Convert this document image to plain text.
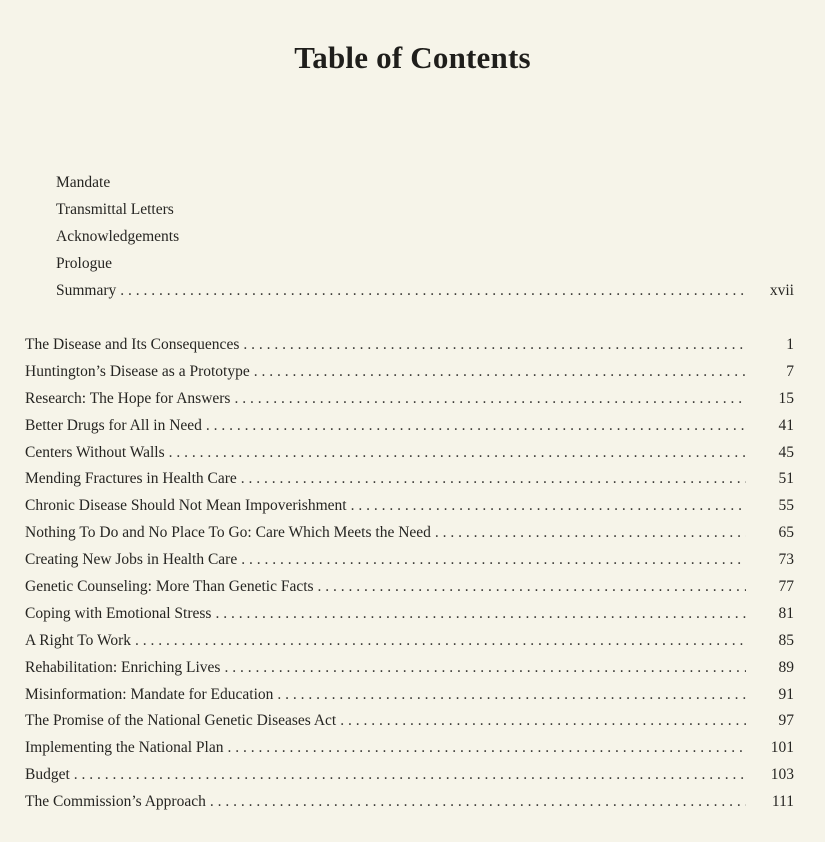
Table of Contents
Mandate
Transmittal Letters
Acknowledgements
Prologue
Summary . . .	xvii
The Disease and Its Consequences . . .	1
Huntington’s Disease as a Prototype . . .	7
Research: The Hope for Answers . . .	15
Better Drugs for All in Need . . .	41
Centers Without Walls . . .	45
Mending Fractures in Health Care . . .	51
Chronic Disease Should Not Mean Impoverishment . . .	55
Nothing To Do and No Place To Go: Care Which Meets the Need . . .	65
Creating New Jobs in Health Care . . .	73
Genetic Counseling: More Than Genetic Facts . . .	77
Coping with Emotional Stress . . .	81
A Right To Work . . .	85
Rehabilitation: Enriching Lives . . .	89
Misinformation: Mandate for Education . . .	91
The Promise of the National Genetic Diseases Act . . .	97
Implementing the National Plan . . .	101
Budget . . .	103
The Commission’s Approach . . .	111
